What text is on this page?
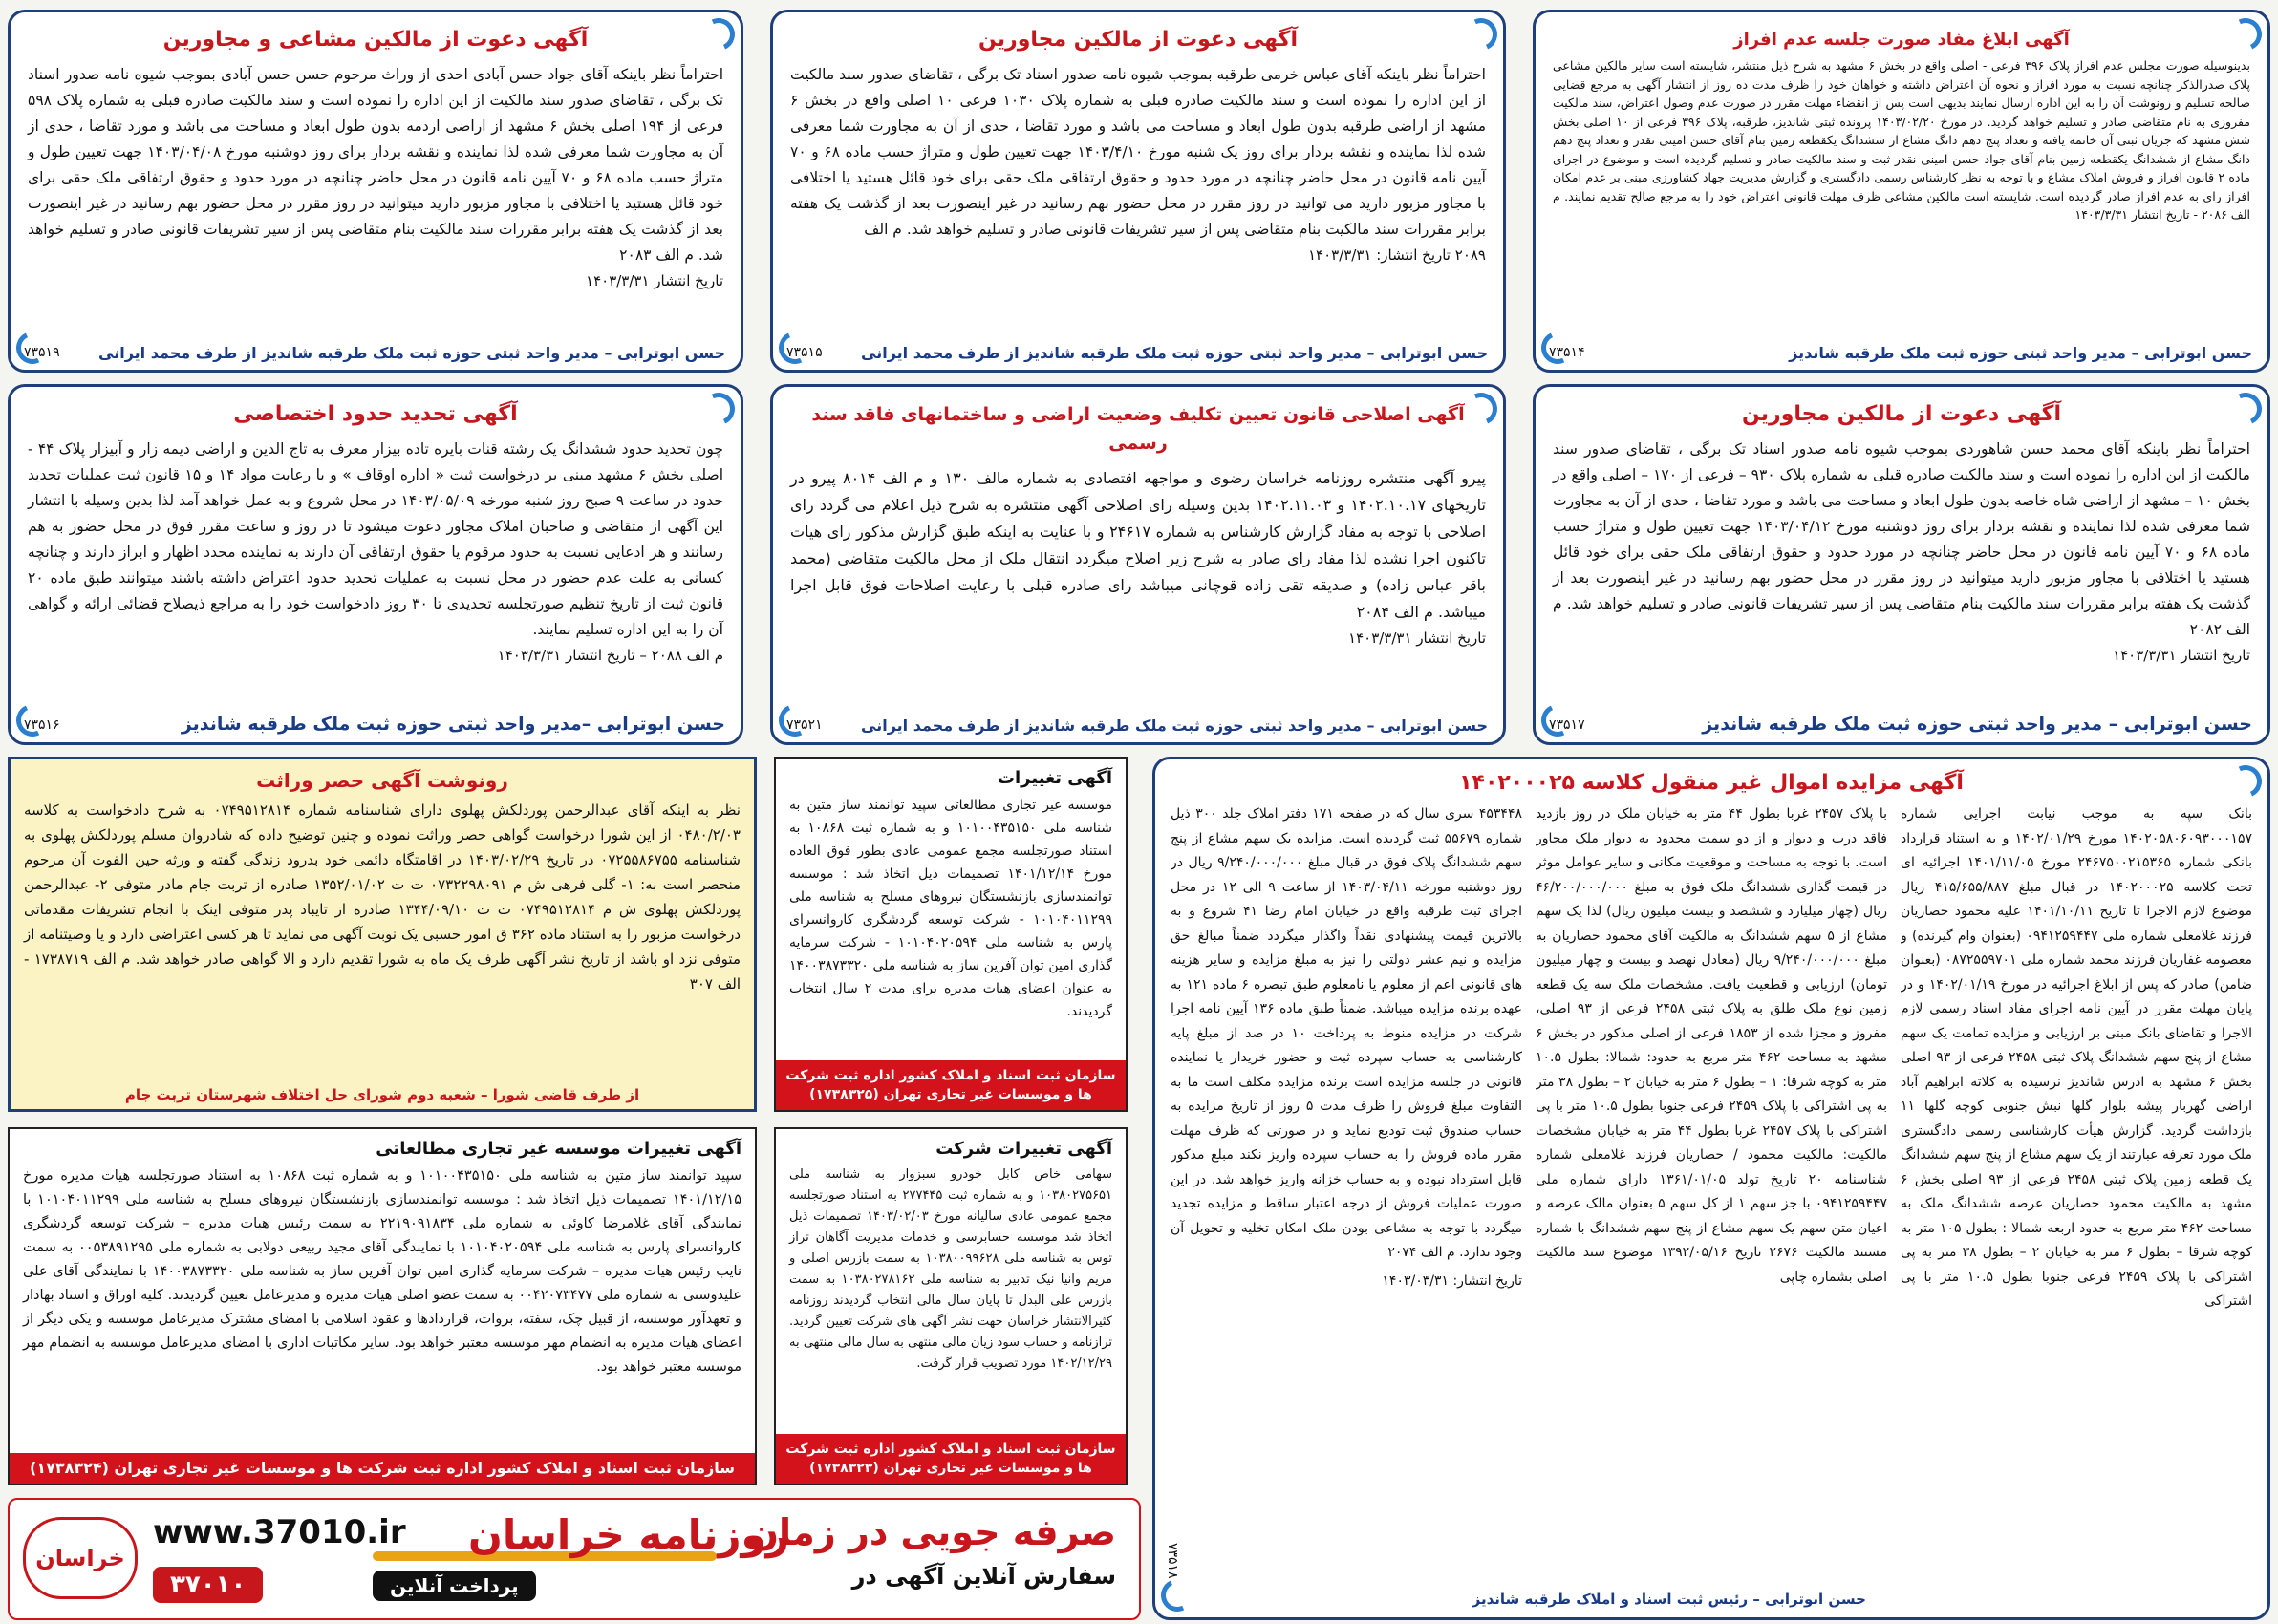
آگهی دعوت از مالکین مشاعی و مجاورین
احتراماً نظر باینکه آقای جواد حسن آبادی احدی از وراث مرحوم حسن حسن آبادی بموجب شیوه نامه صدور اسناد تک برگی ، تقاضای صدور سند مالکیت از این اداره را نموده است و سند مالکیت صادره قبلی به شماره پلاک ۵۹۸ فرعی از ۱۹۴ اصلی بخش ۶ مشهد از اراضی اردمه بدون طول ابعاد و مساحت می باشد و مورد تقاضا ، حدی از آن به مجاورت شما معرفی شده لذا نماینده و نقشه بردار برای روز دوشنبه مورخ ۱۴۰۳/۰۴/۰۸ جهت تعیین طول و متراژ حسب ماده ۶۸ و ۷۰ آیین نامه قانون در محل حاضر چنانچه در مورد حدود و حقوق ارتفاقی ملک حقی برای خود قائل هستید یا اختلافی با مجاور مزبور دارید میتوانید در روز مقرر در محل حضور بهم رسانید در غیر اینصورت بعد از گذشت یک هفته برابر مقررات سند مالکیت بنام متقاضی پس از سیر تشریفات قانونی صادر و تسلیم خواهد شد. م الف ۲۰۸۳
تاریخ انتشار ۱۴۰۳/۳/۳۱
حسن ابوترابی – مدیر واحد ثبتی حوزه ثبت ملک طرقبه شاندیز از طرف محمد ایرانی
۷۳۵۱۹
آگهی دعوت از مالکین مجاورین
احتراماً نظر باینکه آقای عباس خرمی طرقبه بموجب شیوه نامه صدور اسناد تک برگی ، تقاضای صدور سند مالکیت از این اداره را نموده است و سند مالکیت صادره قبلی به شماره پلاک ۱۰۳۰ فرعی ۱۰ اصلی واقع در بخش ۶ مشهد از اراضی طرقبه بدون طول ابعاد و مساحت می باشد و مورد تقاضا ، حدی از آن به مجاورت شما معرفی شده لذا نماینده و نقشه بردار برای روز یک شنبه مورخ ۱۴۰۳/۴/۱۰ جهت تعیین طول و متراژ حسب ماده ۶۸ و ۷۰ آیین نامه قانون در محل حاضر چنانچه در مورد حدود و حقوق ارتفاقی ملک حقی برای خود قائل هستید یا اختلافی با مجاور مزبور دارید می توانید در روز مقرر در محل حضور بهم رسانید در غیر اینصورت بعد از گذشت یک هفته برابر مقررات سند مالکیت بنام متقاضی پس از سیر تشریفات قانونی صادر و تسلیم خواهد شد. م الف
۲۰۸۹ تاریخ انتشار: ۱۴۰۳/۳/۳۱
حسن ابوترابی – مدیر واحد ثبتی حوزه ثبت ملک طرقبه شاندیز از طرف محمد ایرانی
۷۳۵۱۵
آگهی ابلاغ مفاد صورت جلسه عدم افراز
بدینوسیله صورت مجلس عدم افراز پلاک ۳۹۶ فرعی - اصلی واقع در بخش ۶ مشهد به شرح ذیل منتشر، شایسته است سایر مالکین مشاعی پلاک صدرالذکر چنانچه نسبت به مورد افراز و نحوه آن اعتراض داشته و خواهان خود را ظرف مدت ده روز از انتشار آگهی به مرجع قضایی صالحه تسلیم و رونوشت آن را به این اداره ارسال نمایند بدیهی است پس از انقضاء مهلت مقرر در صورت عدم وصول اعتراض، سند مالکیت مفروزی به نام متقاضی صادر و تسلیم خواهد گردید. در مورخ ۱۴۰۳/۰۲/۲۰ پرونده ثبتی شاندیز، طرقبه، پلاک ۳۹۶ فرعی از ۱۰ اصلی بخش شش مشهد که جریان ثبتی آن خاتمه یافته و تعداد پنج دهم دانگ مشاع از ششدانگ یکقطعه زمین بنام آقای حسن امینی نقدر و تعداد پنج دهم دانگ مشاع از ششدانگ یکقطعه زمین بنام آقای جواد حسن امینی نقدر ثبت و سند مالکیت صادر و تسلیم گردیده است و موضوع در اجرای ماده ۲ قانون افراز و فروش املاک مشاع و با توجه به نظر کارشناس رسمی دادگستری و گزارش مدیریت جهاد کشاورزی مبنی بر عدم امکان افراز رای به عدم افراز صادر گردیده است. شایسته است مالکین مشاعی ظرف مهلت قانونی اعتراض خود را به مرجع صالح تقدیم نمایند. م الف ۲۰۸۶ - تاریخ انتشار ۱۴۰۳/۳/۳۱
حسن ابوترابی – مدیر واحد ثبتی حوزه ثبت ملک طرقبه شاندیز
۷۳۵۱۴
آگهی تحدید حدود اختصاصی
چون تحدید حدود ششدانگ یک رشته قنات بایره تاده بیزار معرف به تاج الدین و اراضی دیمه زار و آبیزار پلاک ۴۴ - اصلی بخش ۶ مشهد مبنی بر درخواست ثبت « اداره اوقاف » و با رعایت مواد ۱۴ و ۱۵ قانون ثبت عملیات تحدید حدود در ساعت ۹ صبح روز شنبه مورخه ۱۴۰۳/۰۵/۰۹ در محل شروع و به عمل خواهد آمد لذا بدین وسیله با انتشار این آگهی از متقاضی و صاحبان املاک مجاور دعوت میشود تا در روز و ساعت مقرر فوق در محل حضور به هم رسانند و هر ادعایی نسبت به حدود مرقوم یا حقوق ارتفاقی آن دارند به نماینده محدد اظهار و ابراز دارند و چنانچه کسانی به علت عدم حضور در محل نسبت به عملیات تحدید حدود اعتراض داشته باشند میتوانند طبق ماده ۲۰ قانون ثبت از تاریخ تنظیم صورتجلسه تحدیدی تا ۳۰ روز دادخواست خود را به مراجع ذیصلاح قضائی ارائه و گواهی آن را به این اداره تسلیم نمایند.
م الف ۲۰۸۸ – تاریخ انتشار ۱۴۰۳/۳/۳۱
حسن ابوترابی –مدیر واحد ثبتی حوزه ثبت ملک طرقبه شاندیز
۷۳۵۱۶
آگهی اصلاحی قانون تعیین تکلیف وضعیت اراضی و ساختمانهای فاقد سند رسمی
پیرو آگهی منتشره روزنامه خراسان رضوی و مواجهه اقتصادی به شماره مالف ۱۳۰ و م الف ۸۰۱۴ پیرو در تاریخهای ۱۴۰۲.۱۰.۱۷ و ۱۴۰۲.۱۱.۰۳ بدین وسیله رای اصلاحی آگهی منتشره به شرح ذیل اعلام می گردد رای اصلاحی با توجه به مفاد گزارش کارشناس به شماره ۲۴۶۱۷ و با عنایت به اینکه طبق گزارش مذکور رای هیات تاکنون اجرا نشده لذا مفاد رای صادر به شرح زیر اصلاح میگردد انتقال ملک از محل مالکیت متقاضی (محمد باقر عباس زاده) و صدیقه تقی زاده قوچانی میباشد رای صادره قبلی با رعایت اصلاحات فوق قابل اجرا میباشد. م الف ۲۰۸۴
تاریخ انتشار ۱۴۰۳/۳/۳۱
حسن ابوترابی – مدیر واحد ثبتی حوزه ثبت ملک طرقبه شاندیز از طرف محمد ایرانی
۷۳۵۲۱
آگهی دعوت از مالکین مجاورین
احتراماً نظر باینکه آقای محمد حسن شاهوردی بموجب شیوه نامه صدور اسناد تک برگی ، تقاضای صدور سند مالکیت از این اداره را نموده است و سند مالکیت صادره قبلی به شماره پلاک ۹۳۰ – فرعی از ۱۷۰ – اصلی واقع در بخش ۱۰ – مشهد از اراضی شاه خاصه بدون طول ابعاد و مساحت می باشد و مورد تقاضا ، حدی از آن به مجاورت شما معرفی شده لذا نماینده و نقشه بردار برای روز دوشنبه مورخ ۱۴۰۳/۰۴/۱۲ جهت تعیین طول و متراژ حسب ماده ۶۸ و ۷۰ آیین نامه قانون در محل حاضر چنانچه در مورد حدود و حقوق ارتفاقی ملک حقی برای خود قائل هستید یا اختلافی با مجاور مزبور دارید میتوانید در روز مقرر در محل حضور بهم رسانید در غیر اینصورت بعد از گذشت یک هفته برابر مقررات سند مالکیت بنام متقاضی پس از سیر تشریفات قانونی صادر و تسلیم خواهد شد. م الف ۲۰۸۲
تاریخ انتشار ۱۴۰۳/۳/۳۱
حسن ابوترابی – مدیر واحد ثبتی حوزه ثبت ملک طرقبه شاندیز
۷۳۵۱۷
رونوشت آگهی حصر وراثت
نظر به اینکه آقای عبدالرحمن پوردلکش پهلوی دارای شناسنامه شماره ۰۷۴۹۵۱۲۸۱۴ به شرح دادخواست به کلاسه ۰۴۸۰/۲/۰۳ از این شورا درخواست گواهی حصر وراثت نموده و چنین توضیح داده که شادروان مسلم پوردلکش پهلوی به شناسنامه ۰۷۲۵۵۸۶۷۵۵ در تاریخ ۱۴۰۳/۰۲/۲۹ در اقامتگاه دائمی خود بدرود زندگی گفته و ورثه حین الفوت آن مرحوم منحصر است به: ۱- گلی فرهی ش م ۰۷۳۲۲۹۸۰۹۱ ت ت ۱۳۵۲/۰۱/۰۲ صادره از تربت جام مادر متوفی ۲- عبدالرحمن پوردلکش پهلوی ش م ۰۷۴۹۵۱۲۸۱۴ ت ت ۱۳۴۴/۰۹/۱۰ صادره از تایباد پدر متوفی اینک با انجام تشریفات مقدماتی درخواست مزبور را به استناد ماده ۳۶۲ ق امور حسبی یک نوبت آگهی می نماید تا هر کسی اعتراضی دارد و یا وصیتنامه از متوفی نزد او باشد از تاریخ نشر آگهی ظرف یک ماه به شورا تقدیم دارد و الا گواهی صادر خواهد شد. م الف ۱۷۳۸۷۱۹ - الف ۳۰۷
از طرف قاضی شورا – شعبه دوم شورای حل اختلاف شهرستان تربت جام
آگهی تغییرات
موسسه غیر تجاری مطالعاتی سپید توانمند ساز متین به شناسه ملی ۱۰۱۰۰۴۳۵۱۵۰ و به شماره ثبت ۱۰۸۶۸ به استناد صورتجلسه مجمع عمومی عادی بطور فوق العاده مورخ ۱۴۰۱/۱۲/۱۴ تصمیمات ذیل اتخاذ شد : موسسه توانمندسازی بازنشستگان نیروهای مسلح به شناسه ملی ۱۰۱۰۴۰۱۱۲۹۹ - شرکت توسعه گردشگری کاروانسرای پارس به شناسه ملی ۱۰۱۰۴۰۲۰۵۹۴ - شرکت سرمایه گذاری امین توان آفرین ساز به شناسه ملی ۱۴۰۰۳۸۷۳۳۲۰ به عنوان اعضای هیات مدیره برای مدت ۲ سال انتخاب گردیدند.
سازمان ثبت اسناد و املاک کشور اداره ثبت شرکت ها و موسسات غیر تجاری تهران (۱۷۳۸۳۲۵)
آگهی تغییرات موسسه غیر تجاری مطالعاتی
سپید توانمند ساز متین به شناسه ملی ۱۰۱۰۰۴۳۵۱۵۰ و به شماره ثبت ۱۰۸۶۸ به استناد صورتجلسه هیات مدیره مورخ ۱۴۰۱/۱۲/۱۵ تصمیمات ذیل اتخاذ شد : موسسه توانمندسازی بازنشستگان نیروهای مسلح به شناسه ملی ۱۰۱۰۴۰۱۱۲۹۹ با نمایندگی آقای غلامرضا کاوئی به شماره ملی ۲۲۱۹۰۹۱۸۳۴ به سمت رئیس هیات مدیره – شرکت توسعه گردشگری کاروانسرای پارس به شناسه ملی ۱۰۱۰۴۰۲۰۵۹۴ با نمایندگی آقای مجید ربیعی دولابی به شماره ملی ۰۰۵۳۸۹۱۲۹۵ به سمت نایب رئیس هیات مدیره – شرکت سرمایه گذاری امین توان آفرین ساز به شناسه ملی ۱۴۰۰۳۸۷۳۳۲۰ با نمایندگی آقای علی علیدوستی به شماره ملی ۰۰۴۲۰۷۳۴۷۷ به سمت عضو اصلی هیات مدیره و مدیرعامل تعیین گردیدند. کلیه اوراق و اسناد بهادار و تعهدآور موسسه، از قبیل چک، سفته، بروات، قراردادها و عقود اسلامی با امضای مشترک مدیرعامل موسسه و یکی دیگر از اعضای هیات مدیره به انضمام مهر موسسه معتبر خواهد بود. سایر مکاتبات اداری با امضای مدیرعامل موسسه به انضمام مهر موسسه معتبر خواهد بود.
سازمان ثبت اسناد و املاک کشور اداره ثبت شرکت ها و موسسات غیر تجاری تهران (۱۷۳۸۳۲۴)
آگهی تغییرات شرکت
سهامی خاص کابل خودرو سبزوار به شناسه ملی ۱۰۳۸۰۲۷۵۶۵۱ و به شماره ثبت ۲۷۷۴۴۵ به استناد صورتجلسه مجمع عمومی عادی سالیانه مورخ ۱۴۰۳/۰۲/۰۳ تصمیمات ذیل اتخاذ شد موسسه حسابرسی و خدمات مدیریت آگاهان تراز توس به شناسه ملی ۱۰۳۸۰۰۹۹۶۲۸ به سمت بازرس اصلی و مریم وانیا نیک تدبیر به شناسه ملی ۱۰۳۸۰۲۷۸۱۶۲ به سمت بازرس علی البدل تا پایان سال مالی انتخاب گردیدند روزنامه کثیرالانتشار خراسان جهت نشر آگهی های شرکت تعیین گردید. ترازنامه و حساب سود زیان مالی منتهی به سال مالی منتهی به ۱۴۰۲/۱۲/۲۹ مورد تصویب قرار گرفت.
سازمان ثبت اسناد و املاک کشور اداره ثبت شرکت ها و موسسات غیر تجاری تهران (۱۷۳۸۳۲۳)
آگهی مزایده اموال غیر منقول کلاسه ۱۴۰۲۰۰۰۲۵
بانک سپه به موجب نیابت اجرایی شماره ۱۴۰۲۰۵۸۰۶۰۹۳۰۰۰۱۵۷ مورخ ۱۴۰۲/۰۱/۲۹ و به استناد قرارداد بانکی شماره ۲۴۶۷۵۰۰۲۱۵۳۶۵ مورخ ۱۴۰۱/۱۱/۰۵ اجرائیه ای تحت کلاسه ۱۴۰۲۰۰۰۲۵ در قبال مبلغ ۴۱۵/۶۵۵/۸۸۷ ریال موضوع لازم الاجرا تا تاریخ ۱۴۰۱/۱۰/۱۱ علیه محمود حصاریان فرزند غلامعلی شماره ملی ۰۹۴۱۲۵۹۴۴۷ (بعنوان وام گیرنده) و معصومه غفاریان فرزند محمد شماره ملی ۰۸۷۲۵۵۹۷۰۱ (بعنوان ضامن) صادر که پس از ابلاغ اجرائیه در مورخ ۱۴۰۲/۰۱/۱۹ و در پایان مهلت مقرر در آیین نامه اجرای مفاد اسناد رسمی لازم الاجرا و تقاضای بانک مبنی بر ارزیابی و مزایده تمامت یک سهم مشاع از پنج سهم ششدانگ پلاک ثبتی ۲۴۵۸ فرعی از ۹۳ اصلی بخش ۶ مشهد به ادرس شاندیز نرسیده به کلاته ابراهیم آباد اراضی گهربار پیشه بلوار گلها نبش جنوبی کوچه گلها ۱۱ بازداشت گردید. گزارش هیأت کارشناسی رسمی دادگستری ملک مورد تعرفه عبارتند از یک سهم مشاع از پنج سهم ششدانگ یک قطعه زمین پلاک ثبتی ۲۴۵۸ فرعی از ۹۳ اصلی بخش ۶ مشهد به مالکیت محمود حصاریان عرصه ششدانگ ملک به مساحت ۴۶۲ متر مربع به حدود اربعه شمالا : بطول ۱۰۵ متر به کوچه شرقا – بطول ۶ متر به خیابان ۲ – بطول ۳۸ متر به پی اشتراکی با پلاک ۲۴۵۹ فرعی جنوبا بطول ۱۰.۵ متر با پی اشتراکی
با پلاک ۲۴۵۷ غربا بطول ۴۴ متر به خیابان ملک در روز بازدید فاقد درب و دیوار و از دو سمت محدود به دیوار ملک مجاور است. با توجه به مساحت و موقعیت مکانی و سایر عوامل موثر در قیمت گذاری ششدانگ ملک فوق به مبلغ ۴۶/۲۰۰/۰۰۰/۰۰۰ ریال (چهار میلیارد و ششصد و بیست میلیون ریال) لذا یک سهم مشاع از ۵ سهم ششدانگ به مالکیت آقای محمود حصاریان به مبلغ ۹/۲۴۰/۰۰۰/۰۰۰ ریال (معادل نهصد و بیست و چهار میلیون تومان) ارزیابی و قطعیت یافت. مشخصات ملک سه یک قطعه زمین نوع ملک طلق به پلاک ثبتی ۲۴۵۸ فرعی از ۹۳ اصلی، مفروز و مجزا شده از ۱۸۵۳ فرعی از اصلی مذکور در بخش ۶ مشهد به مساحت ۴۶۲ متر مربع به حدود: شمالا: بطول ۱۰.۵ متر به کوچه شرقا: ۱ – بطول ۶ متر به خیابان ۲ – بطول ۳۸ متر به پی اشتراکی با پلاک ۲۴۵۹ فرعی جنوبا بطول ۱۰.۵ متر با پی اشتراکی با پلاک ۲۴۵۷ غربا بطول ۴۴ متر به خیابان مشخصات مالکیت: مالکیت محمود / حصاریان فرزند غلامعلی شماره شناسنامه ۲۰ تاریخ تولد ۱۳۶۱/۰۱/۰۵ دارای شماره ملی ۰۹۴۱۲۵۹۴۴۷ با جز سهم ۱ از کل سهم ۵ بعنوان مالک عرصه و اعیان متن سهم یک سهم مشاع از پنج سهم ششدانگ با شماره مستند مالکیت ۲۶۷۶ تاریخ ۱۳۹۲/۰۵/۱۶ موضوع سند مالکیت اصلی بشماره چاپی
۴۵۳۴۴۸ سری سال که در صفحه ۱۷۱ دفتر املاک جلد ۳۰۰ ذیل شماره ۵۵۶۷۹ ثبت گردیده است. مزایده یک سهم مشاع از پنج سهم ششدانگ پلاک فوق در قبال مبلغ ۹/۲۴۰/۰۰۰/۰۰۰ ریال در روز دوشنبه مورخه ۱۴۰۳/۰۴/۱۱ از ساعت ۹ الی ۱۲ در محل اجرای ثبت طرقبه واقع در خیابان امام رضا ۴۱ شروع و به بالاترین قیمت پیشنهادی نقداً واگذار میگردد ضمناً مبالغ حق مزایده و نیم عشر دولتی را نیز به مبلغ مزایده و سایر هزینه های قانونی اعم از معلوم یا نامعلوم طبق تبصره ۶ ماده ۱۲۱ به عهده برنده مزایده میباشد. ضمناً طبق ماده ۱۳۶ آیین نامه اجرا شرکت در مزایده منوط به پرداخت ۱۰ در صد از مبلغ پایه کارشناسی به حساب سپرده ثبت و حضور خریدار یا نماینده قانونی در جلسه مزایده است برنده مزایده مکلف است ما به التفاوت مبلغ فروش را ظرف مدت ۵ روز از تاریخ مزایده به حساب صندوق ثبت تودیع نماید و در صورتی که ظرف مهلت مقرر ماده فروش را به حساب سپرده واریز نکند مبلغ مذکور قابل استرداد نبوده و به حساب خزانه واریز خواهد شد. در این صورت عملیات فروش از درجه اعتبار ساقط و مزایده تجدید میگردد با توجه به مشاعی بودن ملک امکان تخلیه و تحویل آن وجود ندارد. م الف ۲۰۷۴
تاریخ انتشار: ۱۴۰۳/۰۳/۳۱
حسن ابوترابی – رئیس ثبت اسناد و املاک طرقبه شاندیز
۷۳۵۱۸
خراسان
www.37010.ir روزنامه خراسان
صرفه جویی در زمان
سفارش آنلاین آگهی در
۳۷۰۱۰	پرداخت آنلاین
